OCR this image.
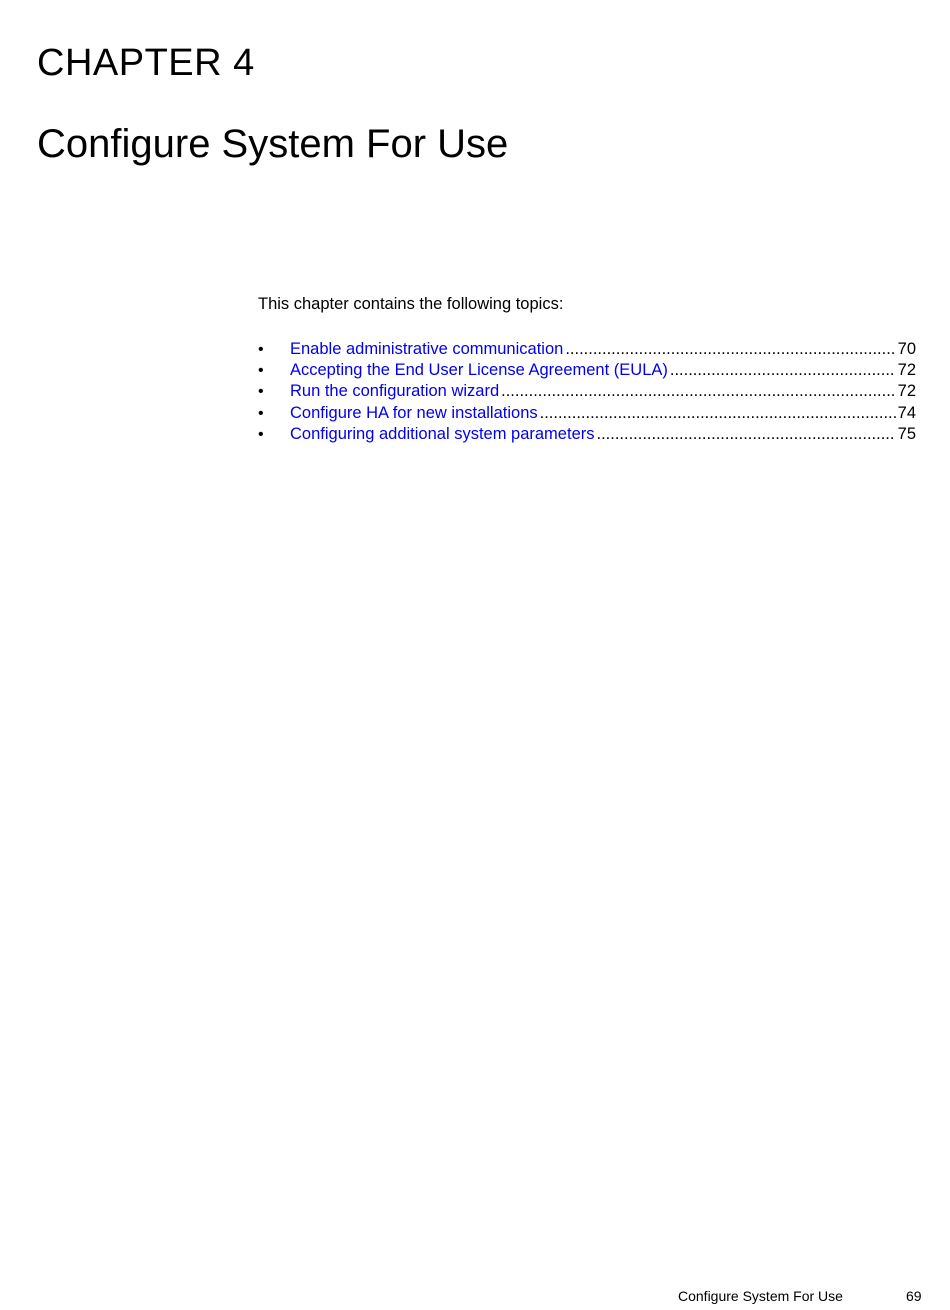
CHAPTER 4
Configure System For Use

This chapter contains the following topics:

•	Enable administrative communication .....	70
•	Accepting the End User License Agreement (EULA) .....	72
•	Run the configuration wizard .....	72
•	Configure HA for new installations .....	74
•	Configuring additional system parameters .....	75

Configure System For Use	69
